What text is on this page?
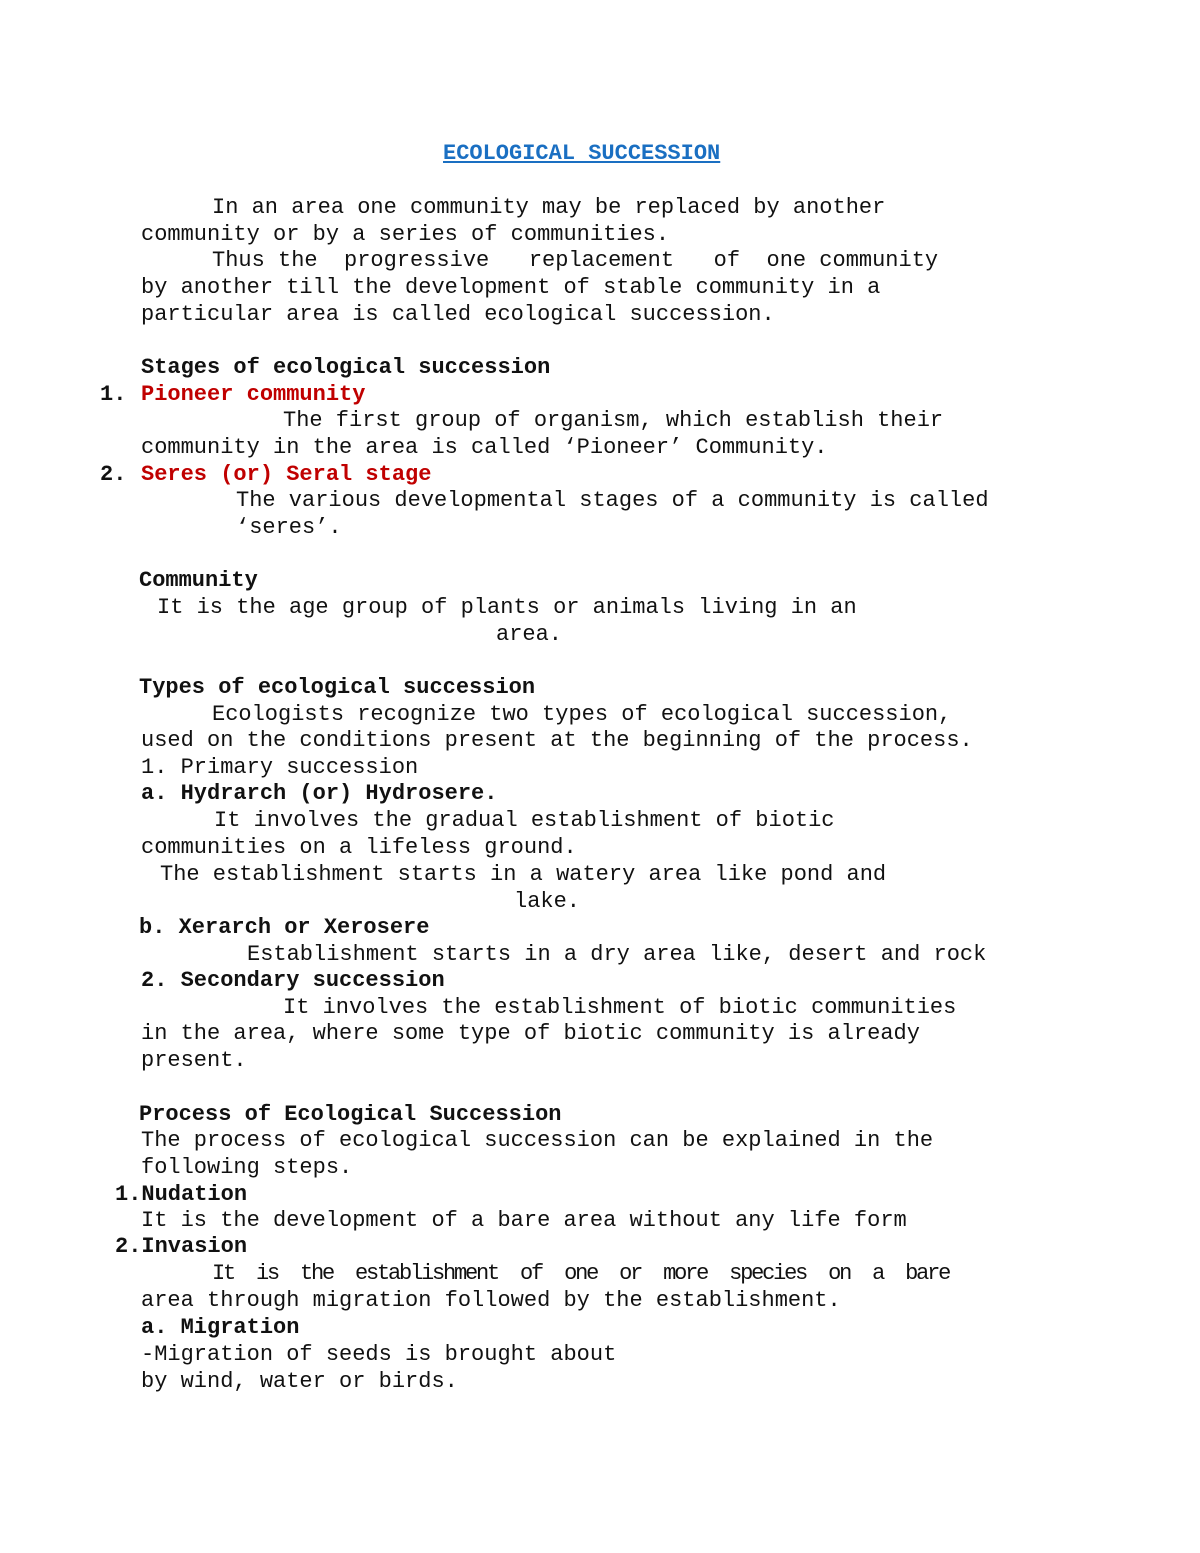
ECOLOGICAL SUCCESSION
In an area one community may be replaced by another
community or by a series of communities.
Thus the  progressive   replacement   of  one community
by another till the development of stable community in a
particular area is called ecological succession.
Stages of ecological succession
1. Pioneer community
The first group of organism, which establish their
community in the area is called ‘Pioneer’ Community.
2. Seres (or) Seral stage
The various developmental stages of a community is called
‘seres’.
Community
It is the age group of plants or animals living in an
area.
Types of ecological succession
Ecologists recognize two types of ecological succession,
used on the conditions present at the beginning of the process.
1. Primary succession
a. Hydrarch (or) Hydrosere.
It involves the gradual establishment of biotic
communities on a lifeless ground.
The establishment starts in a watery area like pond and
lake.
b. Xerarch or Xerosere
Establishment starts in a dry area like, desert and rock
2. Secondary succession
It involves the establishment of biotic communities
in the area, where some type of biotic community is already
present.
Process of Ecological Succession
The process of ecological succession can be explained in the
following steps.
1.Nudation
It is the development of a bare area without any life form
2.Invasion
It  is  the  establishment  of  one  or  more  species  on  a  bare
area through migration followed by the establishment.
a. Migration
-Migration of seeds is brought about
by wind, water or birds.
